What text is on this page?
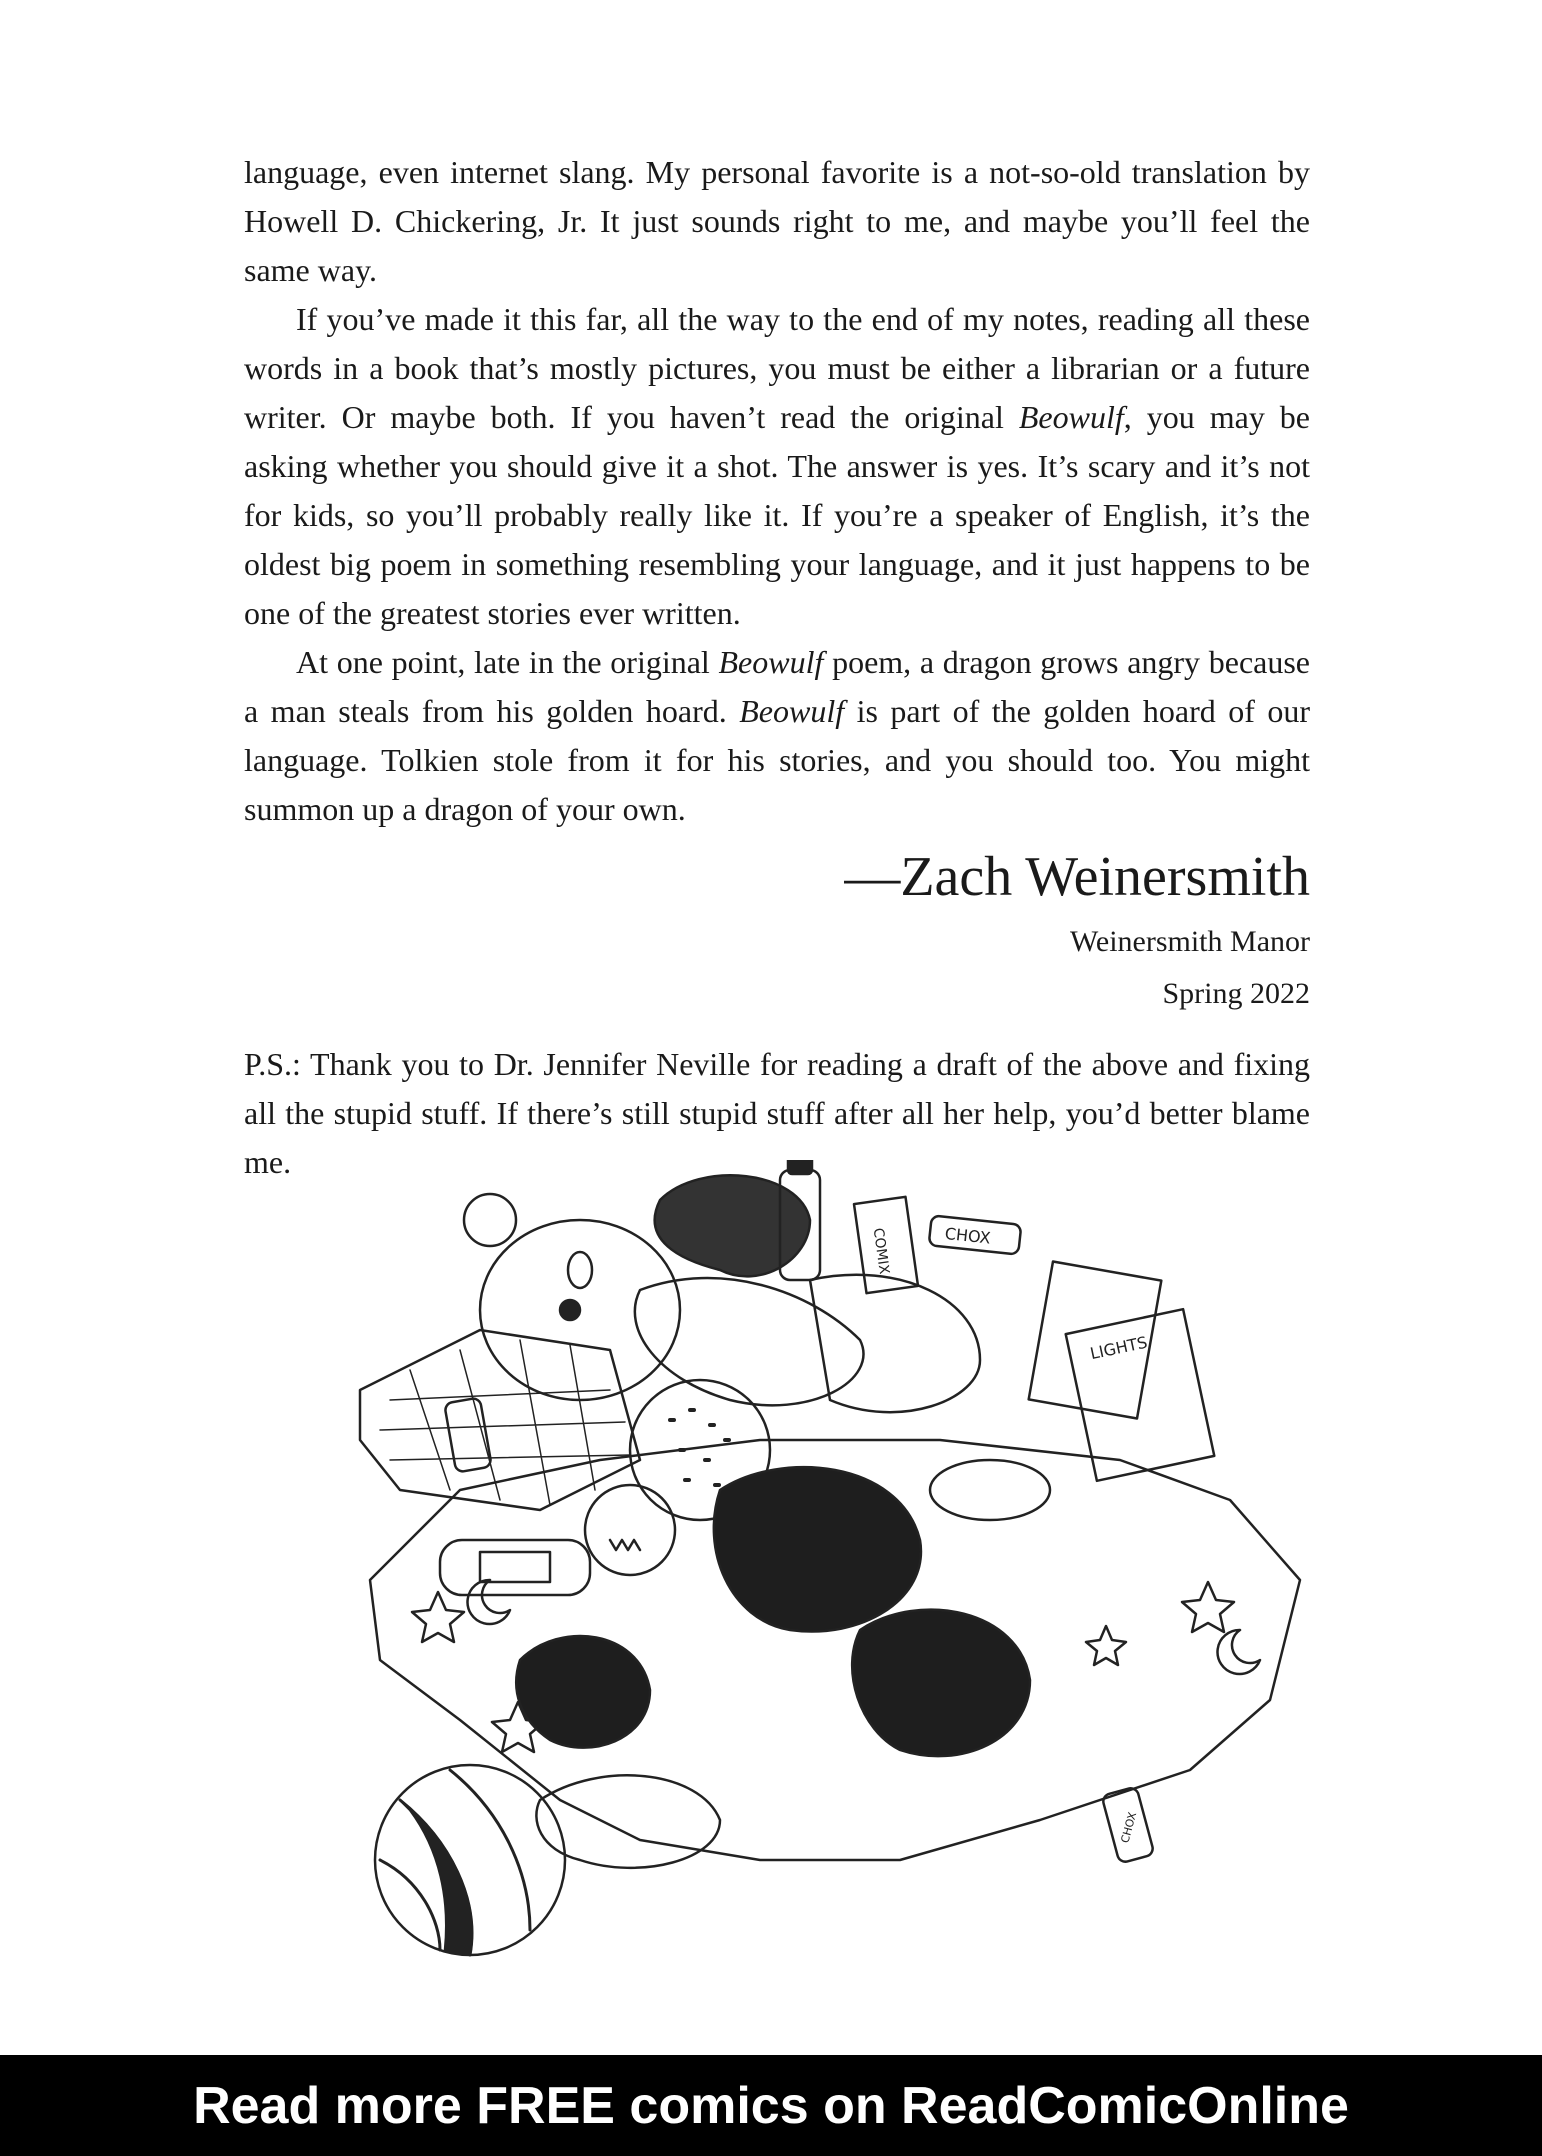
language, even internet slang. My personal favorite is a not-so-old translation by Howell D. Chickering, Jr. It just sounds right to me, and maybe you’ll feel the same way.

If you’ve made it this far, all the way to the end of my notes, reading all these words in a book that’s mostly pictures, you must be either a librarian or a future writer. Or maybe both. If you haven’t read the original Beowulf, you may be asking whether you should give it a shot. The answer is yes. It’s scary and it’s not for kids, so you’ll probably really like it. If you’re a speaker of English, it’s the oldest big poem in something resembling your language, and it just happens to be one of the greatest stories ever written.

At one point, late in the original Beowulf poem, a dragon grows angry because a man steals from his golden hoard. Beowulf is part of the golden hoard of our language. Tolkien stole from it for his stories, and you should too. You might summon up a dragon of your own.

—Zach Weinersmith
Weinersmith Manor
Spring 2022

P.S.: Thank you to Dr. Jennifer Neville for reading a draft of the above and fixing all the stupid stuff. If there’s still stupid stuff after all her help, you’d better blame me.

COMIX	CHOX
LIGHTS
CHOX
Read more FREE comics on ReadComicOnline
